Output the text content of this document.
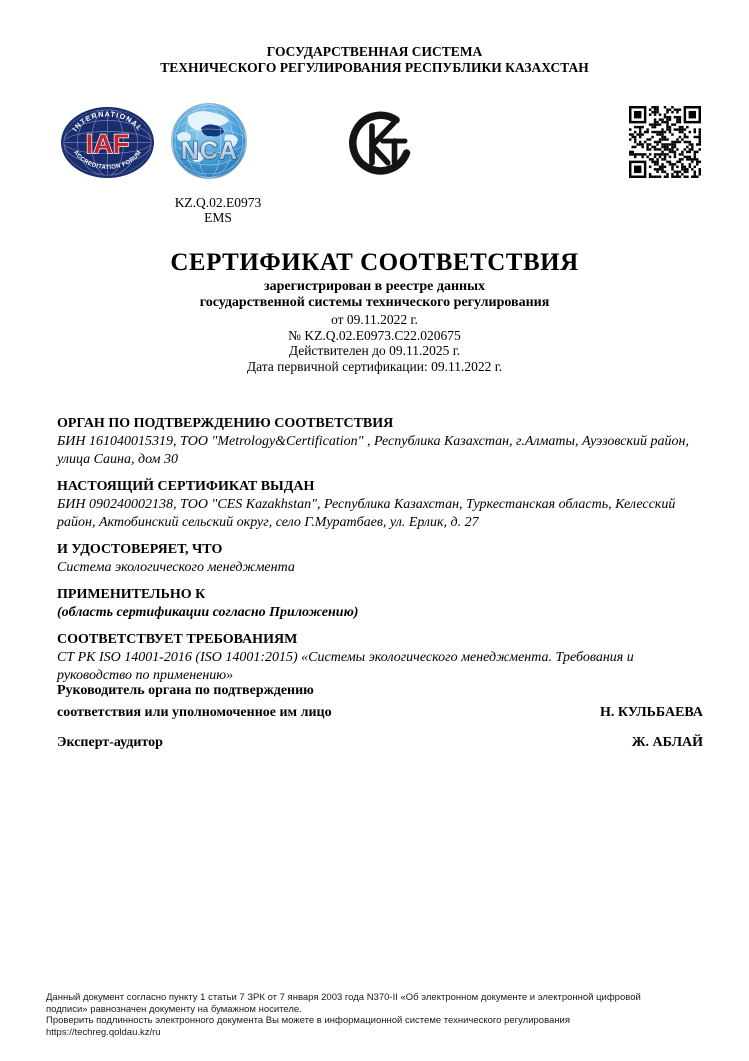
ГОСУДАРСТВЕННАЯ СИСТЕМА
ТЕХНИЧЕСКОГО РЕГУЛИРОВАНИЯ РЕСПУБЛИКИ КАЗАХСТАН
INTERNATIONAL
ACCREDITATION FORUM
IAF NCA
KZ.Q.02.E0973
EMS
СЕРТИФИКАТ СООТВЕТСТВИЯ
зарегистрирован в реестре данных
государственной системы технического регулирования
от 09.11.2022 г.
№ KZ.Q.02.E0973.C22.020675
Действителен до 09.11.2025 г.
Дата первичной сертификации: 09.11.2022 г.
ОРГАН ПО ПОДТВЕРЖДЕНИЮ СООТВЕТСТВИЯ
БИН 161040015319, ТОО "Metrology&Certification" , Республика Казахстан, г.Алматы, Ауэзовский район, улица Саина, дом 30
НАСТОЯЩИЙ СЕРТИФИКАТ ВЫДАН
БИН 090240002138, ТОО "CES Kazakhstan", Республика Казахстан, Туркестанская область, Келесский район, Актобинский сельский округ, село Г.Муратбаев, ул. Ерлик, д. 27
И УДОСТОВЕРЯЕТ, ЧТО
Система экологического менеджмента
ПРИМЕНИТЕЛЬНО К
(область сертификации согласно Приложению)
СООТВЕТСТВУЕТ ТРЕБОВАНИЯМ
СТ РК ISO 14001-2016 (ISO 14001:2015) «Системы экологического менеджмента. Требования и руководство по применению»
Руководитель органа по подтверждению
соответствия или уполномоченное им лицо	Н. КУЛЬБАЕВА
Эксперт-аудитор	Ж. АБЛАЙ
Данный документ согласно пункту 1 статьи 7 ЗРК от 7 января 2003 года N370-II «Об электронном документе и электронной цифровой
подписи» равнозначен документу на бумажном носителе.
Проверить подлинность электронного документа Вы можете в информационной системе технического регулирования
https://techreg.qoldau.kz/ru
